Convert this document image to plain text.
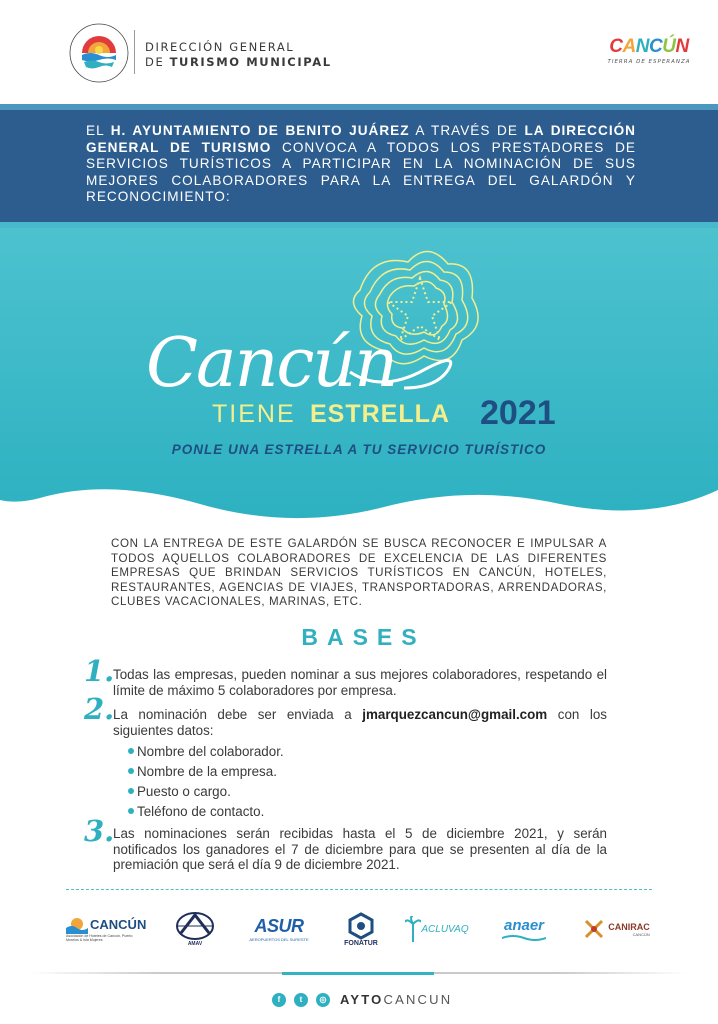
DIRECCIÓN GENERAL
DE TURISMO MUNICIPAL
CANCÚN
TIERRA DE ESPERANZA
EL H. AYUNTAMIENTO DE BENITO JUÁREZ A TRAVÉS DE LA DIRECCIÓN GENERAL DE TURISMO CONVOCA A TODOS LOS PRESTADORES DE SERVICIOS TURÍSTICOS A PARTICIPAR EN LA NOMINACIÓN DE SUS MEJORES COLABORADORES PARA LA ENTREGA DEL GALARDÓN Y RECONOCIMIENTO:
Cancún
TIENE ESTRELLA 2021
PONLE UNA ESTRELLA A TU SERVICIO TURÍSTICO
CON LA ENTREGA DE ESTE GALARDÓN SE BUSCA RECONOCER E IMPULSAR A TODOS AQUELLOS COLABORADORES DE EXCELENCIA DE LAS DIFERENTES EMPRESAS QUE BRINDAN SERVICIOS TURÍSTICOS EN CANCÚN, HOTELES, RESTAURANTES, AGENCIAS DE VIAJES, TRANSPORTADORAS, ARRENDADORAS, CLUBES VACACIONALES, MARINAS, ETC.
BASES
1.
Todas las empresas, pueden nominar a sus mejores colaboradores, respetando el límite de máximo 5 colaboradores por empresa.
2.
La nominación debe ser enviada a jmarquezcancun@gmail.com con los siguientes datos:
Nombre del colaborador.
Nombre de la empresa.
Puesto o cargo.
Teléfono de contacto.
3.
Las nominaciones serán recibidas hasta el 5 de diciembre 2021, y serán notificados los ganadores el 7 de diciembre para que se presenten al día de la premiación que será el día 9 de diciembre 2021.
CANCÚN
Asociación de Hoteles de Cancún, Puerto Morelos & Isla Mujeres
AMAV
ASUR
AEROPUERTOS DEL SURESTE	FONATUR
ACLUVAQ anaer	CANIRAC
CANCÚN
f	t	◎ AYTOCANCUN
